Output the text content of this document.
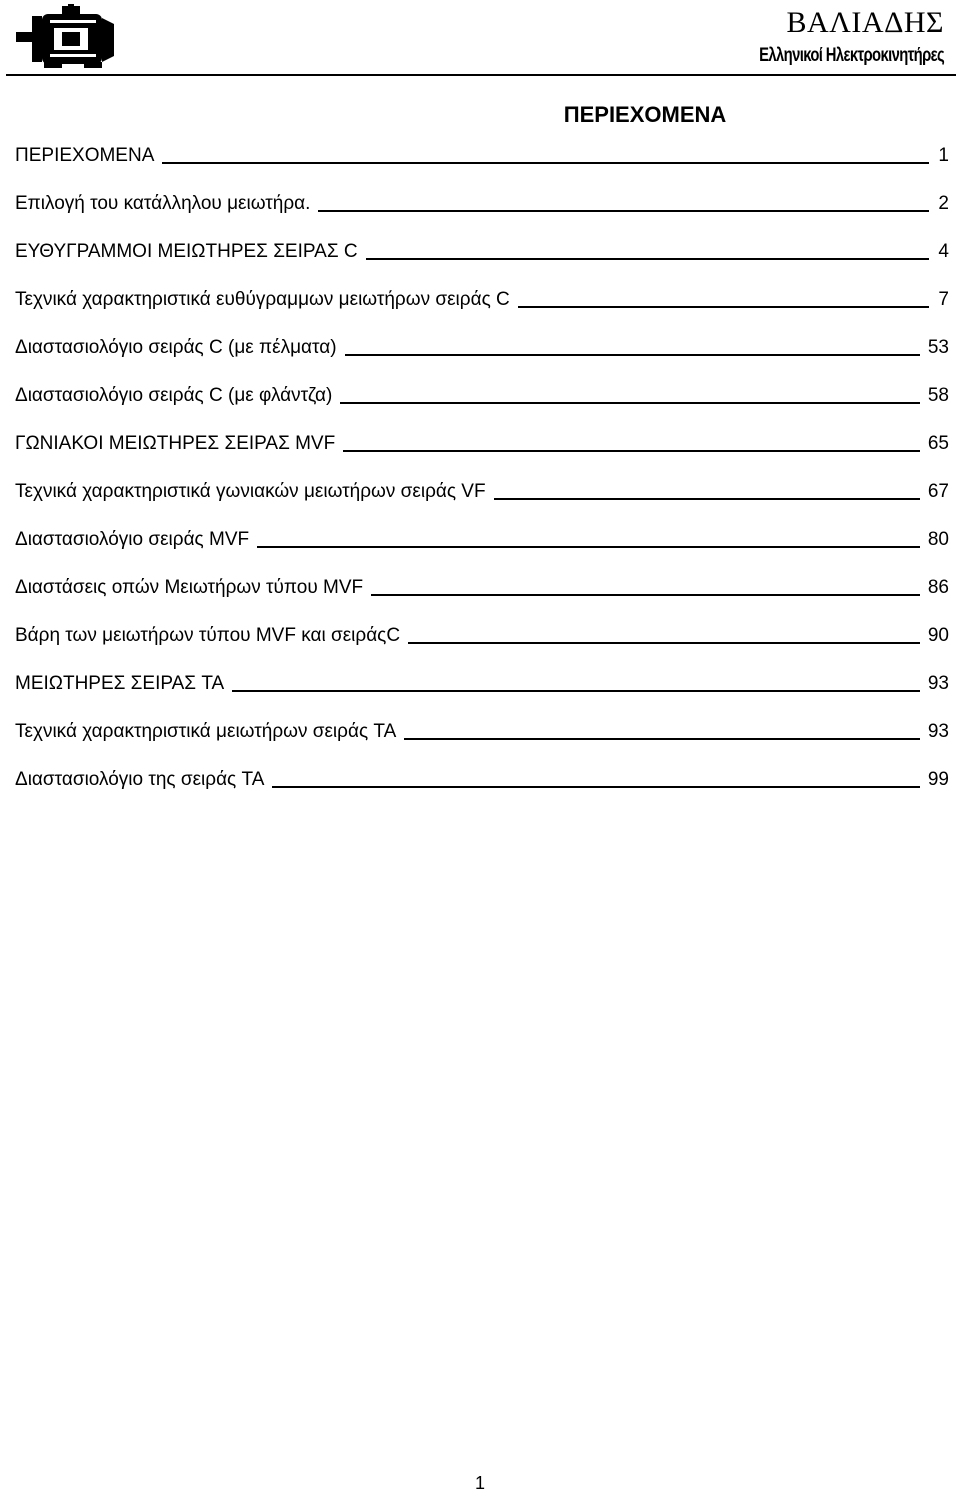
ΒΑΛΙΑΔΗΣ
Ελληνικοί Ηλεκτροκινητήρες
ΠΕΡΙΕΧΟΜΕΝΑ
ΠΕΡΙΕΧΟΜΕΝΑ	1
Επιλογή του κατάλληλου μειωτήρα.	2
ΕΥΘΥΓΡΑΜΜΟΙ ΜΕΙΩΤΗΡΕΣ ΣΕΙΡΑΣ C	4
Τεχνικά χαρακτηριστικά ευθύγραμμων μειωτήρων σειράς C	7
Διαστασιολόγιο σειράς C (με πέλματα)	53
Διαστασιολόγιο σειράς C (με φλάντζα)	58
ΓΩΝΙΑΚΟΙ ΜΕΙΩΤΗΡΕΣ ΣΕΙΡΑΣ MVF	65
Τεχνικά χαρακτηριστικά γωνιακών μειωτήρων σειράς VF	67
Διαστασιολόγιο σειράς MVF	80
Διαστάσεις οπών Μειωτήρων τύπου MVF	86
Βάρη των μειωτήρων τύπου MVF και σειράςC	90
ΜΕΙΩΤΗΡΕΣ ΣΕΙΡΑΣ TA	93
Τεχνικά χαρακτηριστικά μειωτήρων σειράς TA	93
Διαστασιολόγιο της σειράς TA	99
1
